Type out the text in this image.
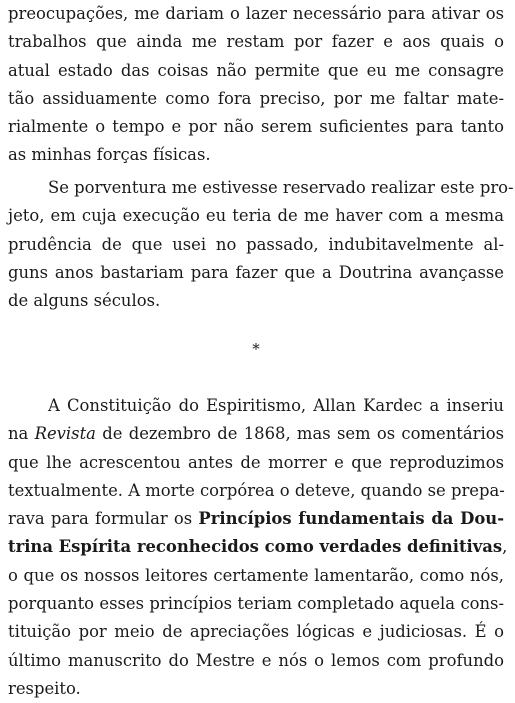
preocupações, me dariam o lazer necessário para ativar os
trabalhos que ainda me restam por fazer e aos quais o
atual estado das coisas não permite que eu me consagre
tão assiduamente como fora preciso, por me faltar mate-
rialmente o tempo e por não serem suficientes para tanto
as minhas forças físicas.
Se porventura me estivesse reservado realizar este pro-
jeto, em cuja execução eu teria de me haver com a mesma
prudência de que usei no passado, indubitavelmente al-
guns anos bastariam para fazer que a Doutrina avançasse
de alguns séculos.
*
A Constituição do Espiritismo, Allan Kardec a inseriu
na Revista de dezembro de 1868, mas sem os comentários
que lhe acrescentou antes de morrer e que reproduzimos
textualmente. A morte corpórea o deteve, quando se prepa-
rava para formular os Princípios fundamentais da Dou-
trina Espírita reconhecidos como verdades definitivas,
o que os nossos leitores certamente lamentarão, como nós,
porquanto esses princípios teriam completado aquela cons-
tituição por meio de apreciações lógicas e judiciosas. É o
último manuscrito do Mestre e nós o lemos com profundo
respeito.
